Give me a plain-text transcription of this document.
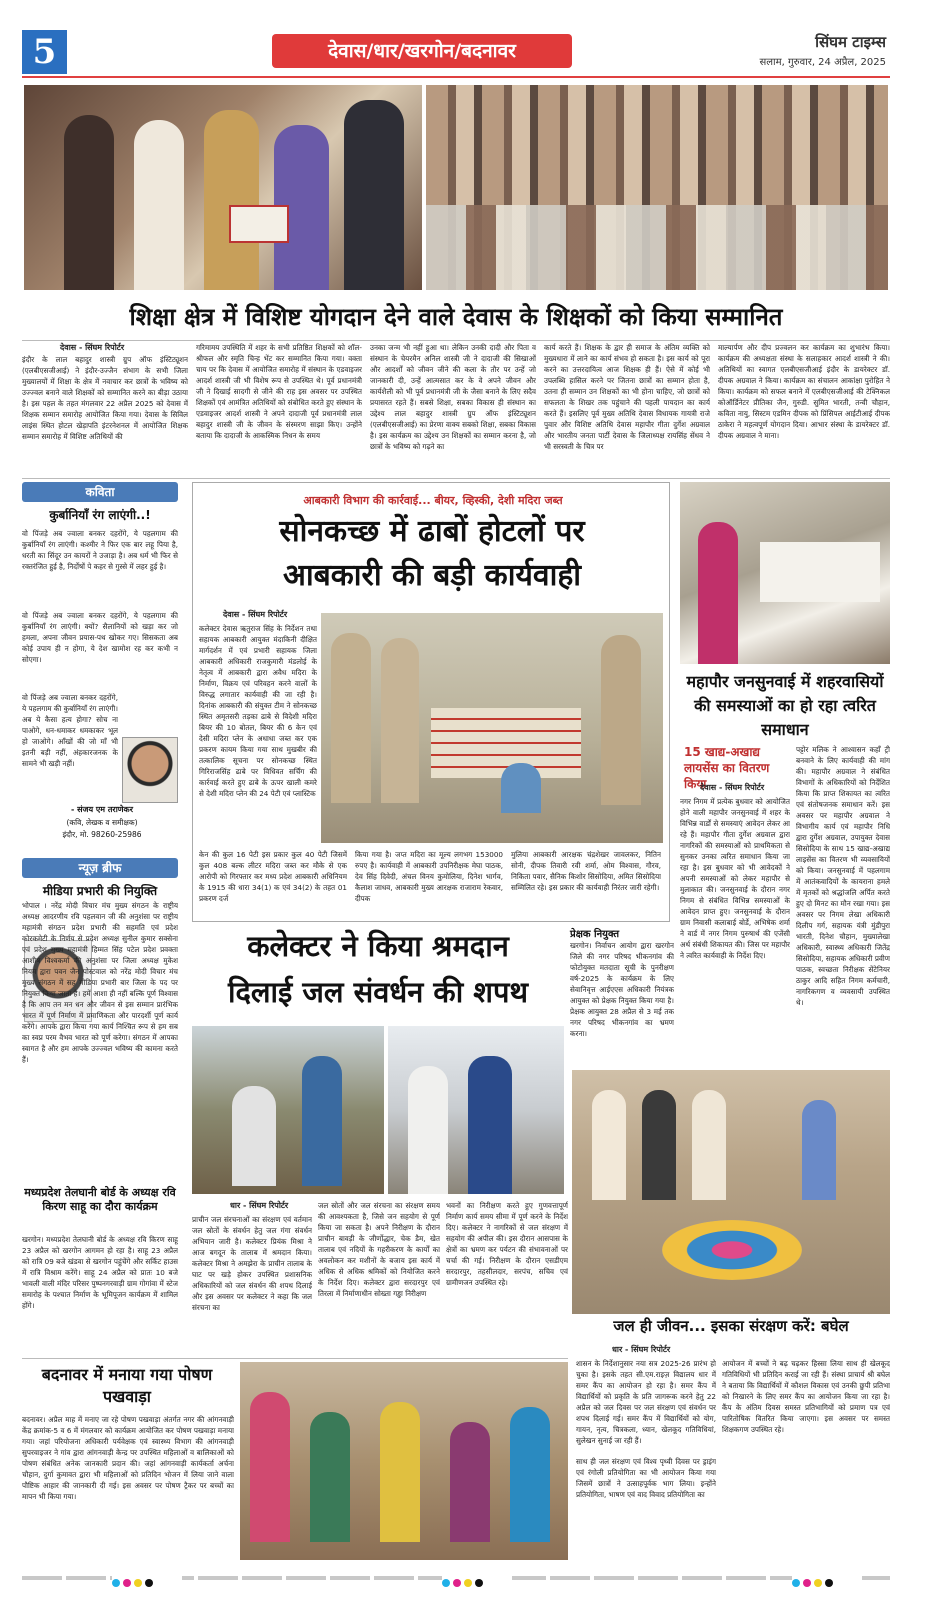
5	देवास/धार/खरगोन/बदनावर	सिंघम टाइम्स
सलाम, गुरुवार, 24 अप्रैल, 2025
शिक्षा क्षेत्र में विशिष्ट योगदान देने वाले देवास के शिक्षकों को किया सम्मानित
देवास - सिंघम रिपोर्टर
इंदौर के लाल बहादुर शास्त्री ग्रुप ऑफ इंस्टिट्यूशन (एलबीएसजीआई) ने इंदौर-उज्जैन संभाग के सभी जिला मुख्यालयों में शिक्षा के क्षेत्र में नवाचार कर छात्रों के भविष्य को उज्ज्वल बनाने वाले शिक्षकों को सम्मानित करने का बीड़ा उठाया है। इस पहल के तहत मंगलवार 22 अप्रैल 2025 को देवास में शिक्षक सम्मान समारोह आयोजित किया गया। देवास के सिविल लाइंस स्थित होटल खेड़ापति इंटरनेशनल में आयोजित शिक्षक सम्मान समारोह में विशिष्ट अतिथियों की
गरिमामय उपस्थिति में शहर के सभी प्रतिष्ठित शिक्षकों को शॉल-श्रीफल और स्मृति चिन्ह भेंट कर सम्मानित किया गया। वक्ता चाय पर कि देवास में आयोजित समारोह में संस्थान के एडवाइजर आदर्श शास्त्री जी भी विशेष रूप से उपस्थित थे। पूर्व प्रधानमंत्री जी ने दिखाई सादगी से जीने की राह इस अवसर पर उपस्थित शिक्षकों एवं आमंत्रित अतिथियों को संबोधित करते हुए संस्थान के एडवाइजर आदर्श शास्त्री ने अपने दादाजी पूर्व प्रधानमंत्री लाल बहादुर शास्त्री जी के जीवन के संस्मरण साझा किए। उन्होंने बताया कि दादाजी के आकस्मिक निधन के समय
उनका जन्म भी नहीं हुआ था। लेकिन उनकी दादी और पिता व संस्थान के चेयरमैन अनिल शास्त्री जी ने दादाजी की सिखाओं और आदर्शों को जीवन जीने की कला के तौर पर उन्हें जो जानकारी दी, उन्हें आत्मसात कर के वे अपने जीवन और कार्यशैली को भी पूर्व प्रधानमंत्री जी के जैसा बनाने के लिए सदैव प्रयासरत रहते हैं। सबसे शिक्षा, सबका विकास ही संस्थान का उद्देश्य लाल बहादुर शास्त्री ग्रुप ऑफ इंस्टिट्यूशन (एलबीएसजीआई) का प्रेरणा वाक्य सबको शिक्षा, सबका विकास है। इस कार्यक्रम का उद्देश्य उन शिक्षकों का सम्मान करना है, जो छात्रों के भविष्य को गढ़ने का
कार्य करते हैं। शिक्षक के द्वार ही समाज के अंतिम व्यक्ति को मुख्यधारा में लाने का कार्य संभव हो सकता है। इस कार्य को पूरा करने का उत्तरदायित्व आज शिक्षक ही हैं। ऐसे में कोई भी उपलब्धि हासिल करने पर जितना छात्रों का सम्मान होता है, उतना ही सम्मान उन शिक्षकों का भी होना चाहिए, जो छात्रों को सफलता के शिखर तक पहुंचाने की पहली पायदान का कार्य करते हैं। इसलिए पूर्व मुख्य अतिथि देवास विधायक गायत्री राजे पुवार और विशिष्ट अतिथि देवास महापौर गीता दुर्गेश अग्रवाल और भारतीय जनता पार्टी देवास के जिलाध्यक्ष रायसिंह सेंधव ने भी सरस्वती के चित्र पर
माल्यार्पण और दीप प्रज्वलन कर कार्यक्रम का शुभारंभ किया। कार्यक्रम की अध्यक्षता संस्था के सलाहकार आदर्श शास्त्री ने की। अतिथियों का स्वागत एलबीएसजीआई इंदौर के डायरेक्टर डॉ. दीपक अग्रवाल ने किया। कार्यक्रम का संचालन आकांक्षा पुरोहित ने किया। कार्यक्रम को सफल बनाने में एलबीएसजीआई की टेक्निकल कोऑर्डिनेटर प्रीतिका जैन, गुरुडी. सुमित भारती, तन्वी चौहान, कविता नायु, सिस्टम एडमिन दीपक को प्रिंसिपल आईटीआई दीपक ठाकेरा ने महत्वपूर्ण योगदान दिया। आभार संस्था के डायरेक्टर डॉ. दीपक अग्रवाल ने माना।
कविता
कुर्बानियाँ रंग लाएंगी..!
वो पिंजड़े अब ज्वाला बनकर दहरोंगे, ये पहलगाम की कुर्बानियाँ रंग लाएंगी। कश्मीर ने फिर एक बार लहू पिया है, धरती का सिंदूर उन कायरों ने उजाड़ा है। अब धर्म भी फिर से रक्तरंजित हुई है, निर्दोषों पे कहर से गुस्से में लहर हुई है।
वो पिंजड़े अब ज्वाला बनकर दहरोंगे, ये पहलगाम की कुर्बानियाँ रंग लाएंगी। क्यों? सैलानियों को खड़ा कर जो हमला, अपना जीवन प्रयास-पथ खोकर गए। सिसकता अब कोई उपाय ही न होगा, ये देश खामोश रह कर कभी न सोएगा।
वो पिंजड़े अब ज्वाला बनकर दहरोंगे, ये पहलगाम की कुर्बानियाँ रंग लाएंगी। अब ये कैसा हत्य होगा? सोच ना पाओगे, धन-धमाकर धमकाकर भूल हो जाओगे। आँखों की जो माँ भी इतनी बड़ी नहीं, अंहकारजनक के सामने भी खड़ी नहीं।
- संजय एम तराणेकर
(कवि, लेखक व समीक्षक)
इंदौर, मो. 98260-25986
न्यूज़ ब्रीफ
मीडिया प्रभारी की नियुक्ति
भोपाल । नरेंद्र मोदी विचार मंच मुख्य संगठन के राष्ट्रीय अध्यक्ष आदरणीय रवि पहलवान जी की अनुशंसा पर राष्ट्रीय महामंत्री संगठन प्रदेश प्रभारी की सहमति एवं प्रदेश कोरकमेटी के निर्णय से प्रदेश अध्यक्ष सुनील कुमार सक्सेना एवं प्रदेश मुख्य महामंत्री हिम्मत सिंह पटेल प्रदेश प्रवक्ता आशीष विश्वकर्मा की अनुशंसा पर जिला अध्यक्ष मुकेश नियम द्वारा पवन जैन पोस्टवाल को नरेंद्र मोदी विचार मंच मुख्य संगठन में सह मीडिया प्रभारी बार जिला के पद पर नियुक्त किया जाता है। हमें आशा ही नहीं बल्कि पूर्ण विश्वास है कि आप तन मन धन और जीवन से इस सम्मान प्रारंभिक भारत में पूर्ण निर्माण में प्रमाणिकता और पारदर्शी पूर्ण कार्य करेंगे। आपके द्वारा किया गया कार्य निश्चित रूप से हम सब का स्वप्न परम वैभव भारत को पूर्ण करेगा। संगठन में आपका स्वागत है और हम आपके उज्ज्वल भविष्य की कामना करते हैं।
मध्यप्रदेश तेलघानी बोर्ड के अध्यक्ष रवि किरण साहू का दौरा कार्यक्रम
खरगोन। मध्यप्रदेश तेलघानी बोर्ड के अध्यक्ष रवि किरण साहू 23 अप्रैल को खरगोन आगमन हो रहा है। साहू 23 अप्रैल को रात्रि 09 बजे खंडवा से खरगोन पहुंचेंगे और सर्किट हाउस में रात्रि विश्राम करेंगे। साहू 24 अप्रैल को प्रातः 10 बजे भावली वाली मंदिर परिसर पुष्पनगरवाड़ी ग्राम गोगांवा में स्टेज समारोह के पश्चात निर्माण के भूमिपूजन कार्यक्रम में शामिल होंगे।
आबकारी विभाग की कार्रवाई... बीयर, व्हिस्की, देशी मदिरा जब्त
सोनकच्छ में ढाबों होटलों पर
आबकारी की बड़ी कार्यवाही
देवास - सिंघम रिपोर्टर
कलेक्टर देवास ऋतुराज सिंह के निर्देशन तथा सहायक आबकारी आयुक्त मंदाकिनी दीक्षित मार्गदर्शन में एवं प्रभारी सहायक जिला आबकारी अधिकारी राजकुमारी मंडलोई के नेतृत्व में आबकारी द्वारा अवैध मदिरा के निर्माण, विक्रय एवं परिवहन करने वालों के विरुद्ध लगातार कार्यवाही की जा रही है। दिनांक आबकारी की संयुक्त टीम ने सोनकच्छ स्थित अमृतसरी तड़का ढाबे से विदेशी मदिरा बियर की 10 बोतल, बियर की 6 केन एवं देसी मदिरा प्लेन के अधाधा जब्त कर एक प्रकरण कायम किया गया साथ मुखबीर की तत्कालिक सूचना पर सोनकच्छ स्थित गिरिराजसिंह ढाबे पर विधिवत सर्चिंग की कार्रवाई करते हुए ढाबे के ऊपर खाली कमरे से देशी मदिरा प्लेन की 24 पेटी एवं प्लास्टिक
केन की कुल 16 पेटी इस प्रकार कुल 40 पेटी जिसमें कुल 408 बल्क लीटर मदिरा जब्त कर मौके से एक आरोपी को गिरफ्तार कर मध्य प्रदेश आबकारी अधिनियम के 1915 की धारा 34(1) क एवं 34(2) के तहत 01 प्रकरण दर्ज
किया गया है। जप्त मदिरा का मूल्य लगभग 153000 रुपए है। कार्यवाही में आबकारी उपनिरीक्षक मेघा पाठक, देव सिंह दिवेदी, अंचल विनय कुमोलिया, दिनेश भार्गव, कैलाश जाधव, आबकारी मुख्य आरक्षक राजाराम रेकवार, दीपक
मुलिया आबकारी आरक्षक चंद्रशेखर जावलकर, नितिन सोनी, दीपक तिवारी रवी शर्मा, ओम विश्वास, गौरव, निकिता पवार, सैनिक किशोर सिसोदिया, अमित सिसोदिया सम्मिलित रहे। इस प्रकार की कार्यवाही निरंतर जारी रहेगी।
महापौर जनसुनवाई में शहरवासियों की समस्याओं का हो रहा त्वरित समाधान
15 खाद्य-अखाद्य लायसेंस का वितरण किया
देवास - सिंघम रिपोर्टर
पट्टोर मलिक ने आश्वासन कहाँ ट्री बनवाने के लिए कार्यवाही की मांग की। महापौर अग्रवाल ने संबंधित विभागों के अधिकारियों को निर्देशित किया कि प्राप्त शिकायत का त्वरित एवं संतोषजनक समाधान करें। इस अवसर पर महापौर अग्रवाल ने विभागीय कार्य एवं महापौर निधि द्वारा दुर्गेश अग्रवाल, उपायुक्त देवास सिसोदिया के साथ 15 खाद्य-अखाद्य लाइसेंस का वितरण भी व्यवसायियों को किया। जनसुनवाई में पहलगाम में आतंकवादियों के कायराना हमले में मृतकों को श्रद्धांजलि अर्पित करते हुए दो मिनट का मौन रखा गया। इस अवसर पर निगम लेखा अधिकारी दिलीप गर्ग, सहायक यंत्री मुंडीपुरा भारती, दिनेश चौहान, मुख्यालेखा अधिकारी, स्वास्थ्य अधिकारी जितेंद्र सिसोदिया, सहायक अधिकारी प्रवीण पाठक, स्वच्छता निरीक्षक सेंटेनियर ठाकुर आदि सहित निगम कर्मचारी, नागरिकगण व व्यवसायी उपस्थित थे।
नगर निगम में प्रत्येक बुधवार को आयोजित होने वाली महापौर जनसुनवाई में शहर के विभिन्न वार्डों से समस्याएं आवेदन लेकर आ रहे हैं। महापौर गीता दुर्गेश अग्रवाल द्वारा नागरिकों की समस्याओं को प्राथमिकता से सुनकर उनका त्वरित समाधान किया जा रहा है। इस बुधवार को भी आवेदकों ने अपनी समस्याओं को लेकर महापौर से मुलाकात की। जनसुनवाई के दौरान नगर निगम से संबंधित विभिन्न समस्याओं के आवेदन प्राप्त हुए। जनसुनवाई के दौरान ग्राम निवासी कलाबाई बोर्डे, अभिषेक शर्मा ने वार्ड में नगर निगम पुरुषार्थ की एजेंसी अर्थ संबंधी शिकायत की। जिस पर महापौर ने त्वरित कार्यवाही के निर्देश दिए।
प्रेक्षक नियुक्त
खरगोन। निर्वाचन आयोग द्वारा खरगोन जिले की नगर परिषद भीकनगांव की फोटोयुक्त मतदाता सूची के पुनरीक्षण वर्ष-2025 के कार्यक्रम के लिए सेवानिवृत्त आईएएस अधिकारी नियंत्रक आयुक्त को प्रेक्षक नियुक्त किया गया है। प्रेक्षक आयुक्त 28 अप्रैल से 3 मई तक नगर परिषद भीकनगांव का भ्रमण करना।
कलेक्टर ने किया श्रमदान
दिलाई जल संवर्धन की शपथ
धार - सिंघम रिपोर्टर
प्राचीन जल संरचनाओं का संरक्षण एवं वर्तमान जल स्रोतों के संवर्धन हेतु जल गंगा संवर्धन अभियान जारी है। कलेक्टर प्रियंक मिश्रा ने आज बगदून के तालाब में श्रमदान किया। कलेक्टर मिश्रा ने अमझेरा के प्राचीन तालाब के घाट पर खड़े होकर उपस्थित प्रशासनिक अधिकारियों को जल संवर्धन की शपथ दिलाई और इस अवसर पर कलेक्टर ने कहा कि जल संरचना का
जल स्रोतों और जल संरचना का संरक्षण समय की आवश्यकता है, जिसे जन सहयोग से पूर्ण किया जा सकता है। अपने निरीक्षण के दौरान प्राचीन बावड़ी के जीर्णोद्धार, चेक डैम, खेत तालाब एवं नदियों के गहरीकरण के कार्यों का अवलोकन कर मशीनों के बजाय इस कार्य में अधिक से अधिक श्रमिकों को नियोजित करने के निर्देश दिए। कलेक्टर द्वारा सरदारपुर एवं तिरला में निर्माणाधीन सोख्ता गड्ढा निरीक्षण
भवनों का निरीक्षण करते हुए गुणवत्तापूर्ण निर्माण कार्य समय सीमा में पूर्ण करने के निर्देश दिए। कलेक्टर ने नागरिकों से जल संरक्षण में सहयोग की अपील की। इस दौरान आसपास के क्षेत्रों का भ्रमण कर पर्यटन की संभावनाओं पर चर्चा की गई। निरीक्षण के दौरान एसडीएम सरदारपुर, तहसीलदार, सरपंच, सचिव एवं ग्रामीणजन उपस्थित रहे।
जल ही जीवन... इसका संरक्षण करें: बघेल
धार - सिंघम रिपोर्टर
शासन के निर्देशानुसार नया सत्र 2025-26 प्रारंभ हो चुका है। इसके तहत सी.एम.राइज़ विद्यालय धार में समर कैंप का आयोजन हो रहा है। समर कैंप में विद्यार्थियों को प्रकृति के प्रति जागरूक करने हेतु 22 अप्रैल को जल दिवस पर जल संरक्षण एवं संवर्धन पर शपथ दिलाई गई। समर कैंप में विद्यार्थियों को योग, गायन, नृत्य, चित्रकला, ध्यान, खेलकूद गतिविधियां, सुलेखन सुनाई जा रही हैं।
साथ ही जल संरक्षण एवं विश्व पृथ्वी दिवस पर ड्राइंग एवं रंगोली प्रतियोगिता का भी आयोजन किया गया जिसमें छात्रों ने उत्साहपूर्वक भाग लिया। इन्होंने प्रतियोगिता, भाषण एवं वाद विवाद प्रतियोगिता का
आयोजन में बच्चों ने बढ़ चढ़कर हिस्सा लिया साथ ही खेलकूद गतिविधियों भी प्रतिदिन कराई जा रही हैं। संस्था प्राचार्य श्री बघेल ने बताया कि विद्यार्थियों में कौशल विकास एवं उनकी छुपी प्रतिभा को निखारने के लिए समर कैंप का आयोजन किया जा रहा है। कैंप के अंतिम दिवस समस्त प्रतिभागियों को प्रमाण पत्र एवं पारितोषिक वितरित किया जाएगा। इस अवसर पर समस्त शिक्षकगण उपस्थित रहे।
बदनावर में मनाया गया पोषण पखवाड़ा
बदनावर। अप्रैल माह में मनाए जा रहे पोषण पखवाड़ा अंतर्गत नगर की आंगनवाड़ी केंद्र क्रमांक-5 व 6 में मंगलवार को कार्यक्रम आयोजित कर पोषण पखवाड़ा मनाया गया। जहां परियोजना अधिकारी पर्यवेक्षक एवं स्वास्थ्य विभाग की आंगनवाड़ी सुपरवाइजर ने गांव द्वारा आंगनवाड़ी केन्द्र पर उपस्थित महिलाओं व बालिकाओं को पोषण संबंधित अनेक जानकारी प्रदान की। जहां आंगनवाड़ी कार्यकर्ता अर्चना चौहान, दुर्गा कुमावत द्वारा भी महिलाओं को प्रतिदिन भोजन में लिया जाने वाला पौष्टिक आहार की जानकारी दी गई। इस अवसर पर पोषण ट्रैकर पर बच्चों का मापन भी किया गया।
